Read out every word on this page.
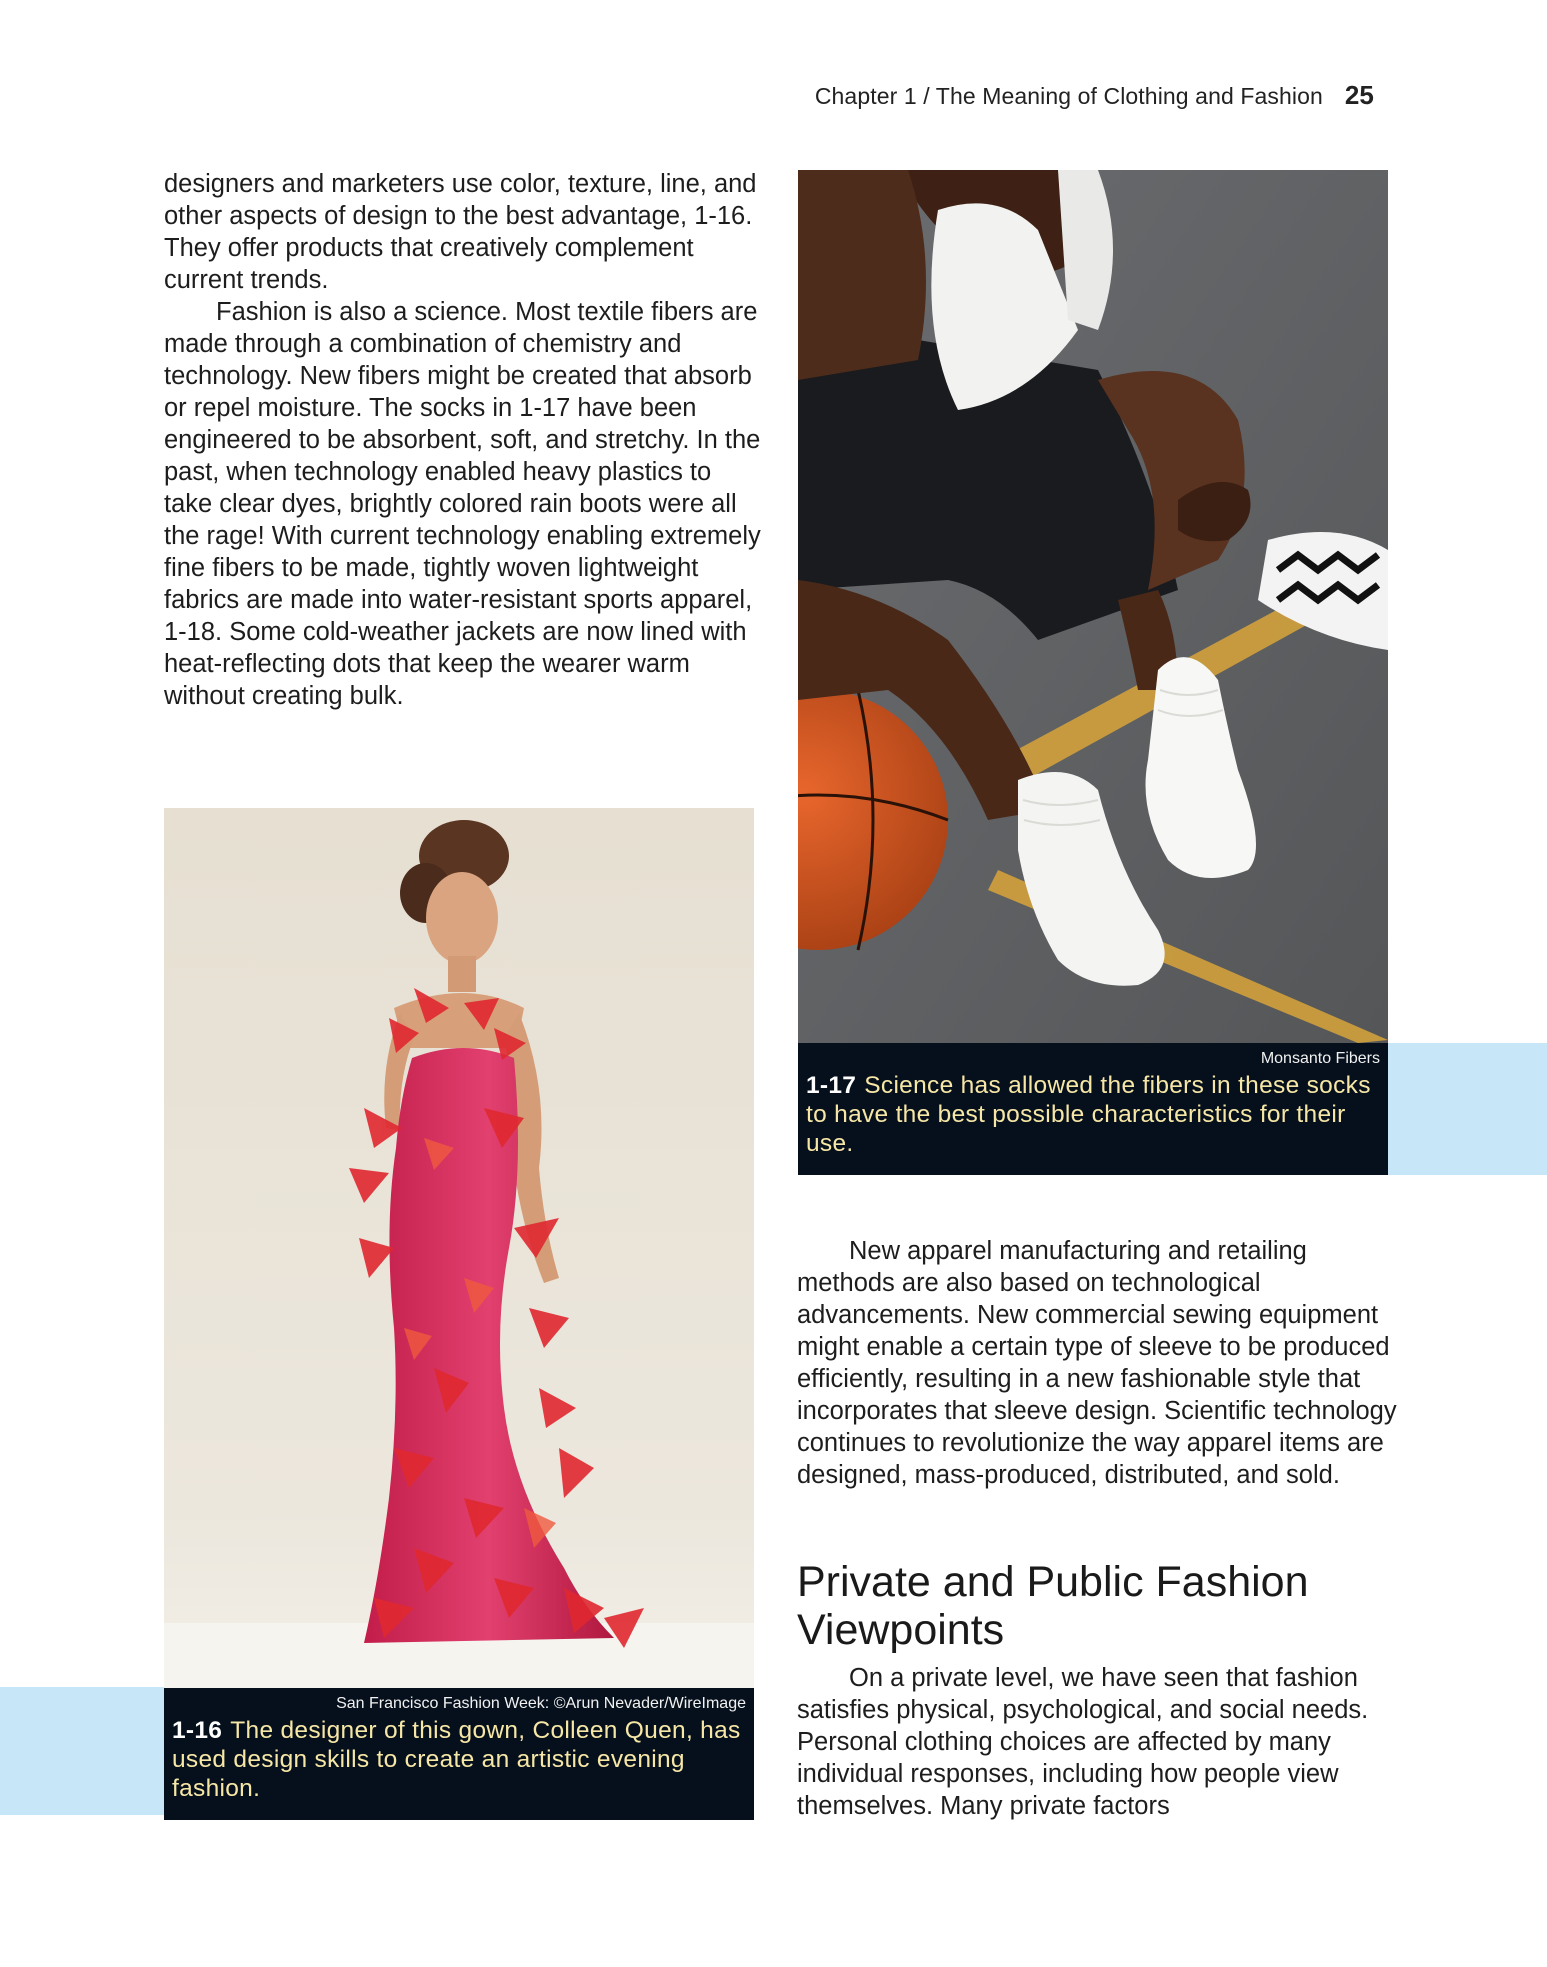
Chapter 1 / The Meaning of Clothing and Fashion 25

designers and marketers use color, texture, line, and other aspects of design to the best advantage, 1-16. They offer products that creatively complement current trends.

Fashion is also a science. Most textile fibers are made through a combination of chemistry and technology. New fibers might be created that absorb or repel moisture. The socks in 1-17 have been engineered to be absorbent, soft, and stretchy. In the past, when technology enabled heavy plastics to take clear dyes, brightly colored rain boots were all the rage! With current technology enabling extremely fine fibers to be made, tightly woven lightweight fabrics are made into water-resistant sports apparel, 1-18. Some cold-weather jackets are now lined with heat-reflecting dots that keep the wearer warm without creating bulk.

San Francisco Fashion Week: ©Arun Nevader/WireImage
1-16 The designer of this gown, Colleen Quen, has used design skills to create an artistic evening fashion.
Monsanto Fibers
1-17 Science has allowed the fibers in these socks to have the best possible characteristics for their use.

New apparel manufacturing and retailing methods are also based on technological advancements. New commercial sewing equipment might enable a certain type of sleeve to be produced efficiently, resulting in a new fashionable style that incorporates that sleeve design. Scientific technology continues to revolutionize the way apparel items are designed, mass-produced, distributed, and sold.

Private and Public Fashion Viewpoints

On a private level, we have seen that fashion satisfies physical, psychological, and social needs. Personal clothing choices are affected by many individual responses, including how people view themselves. Many private factors
